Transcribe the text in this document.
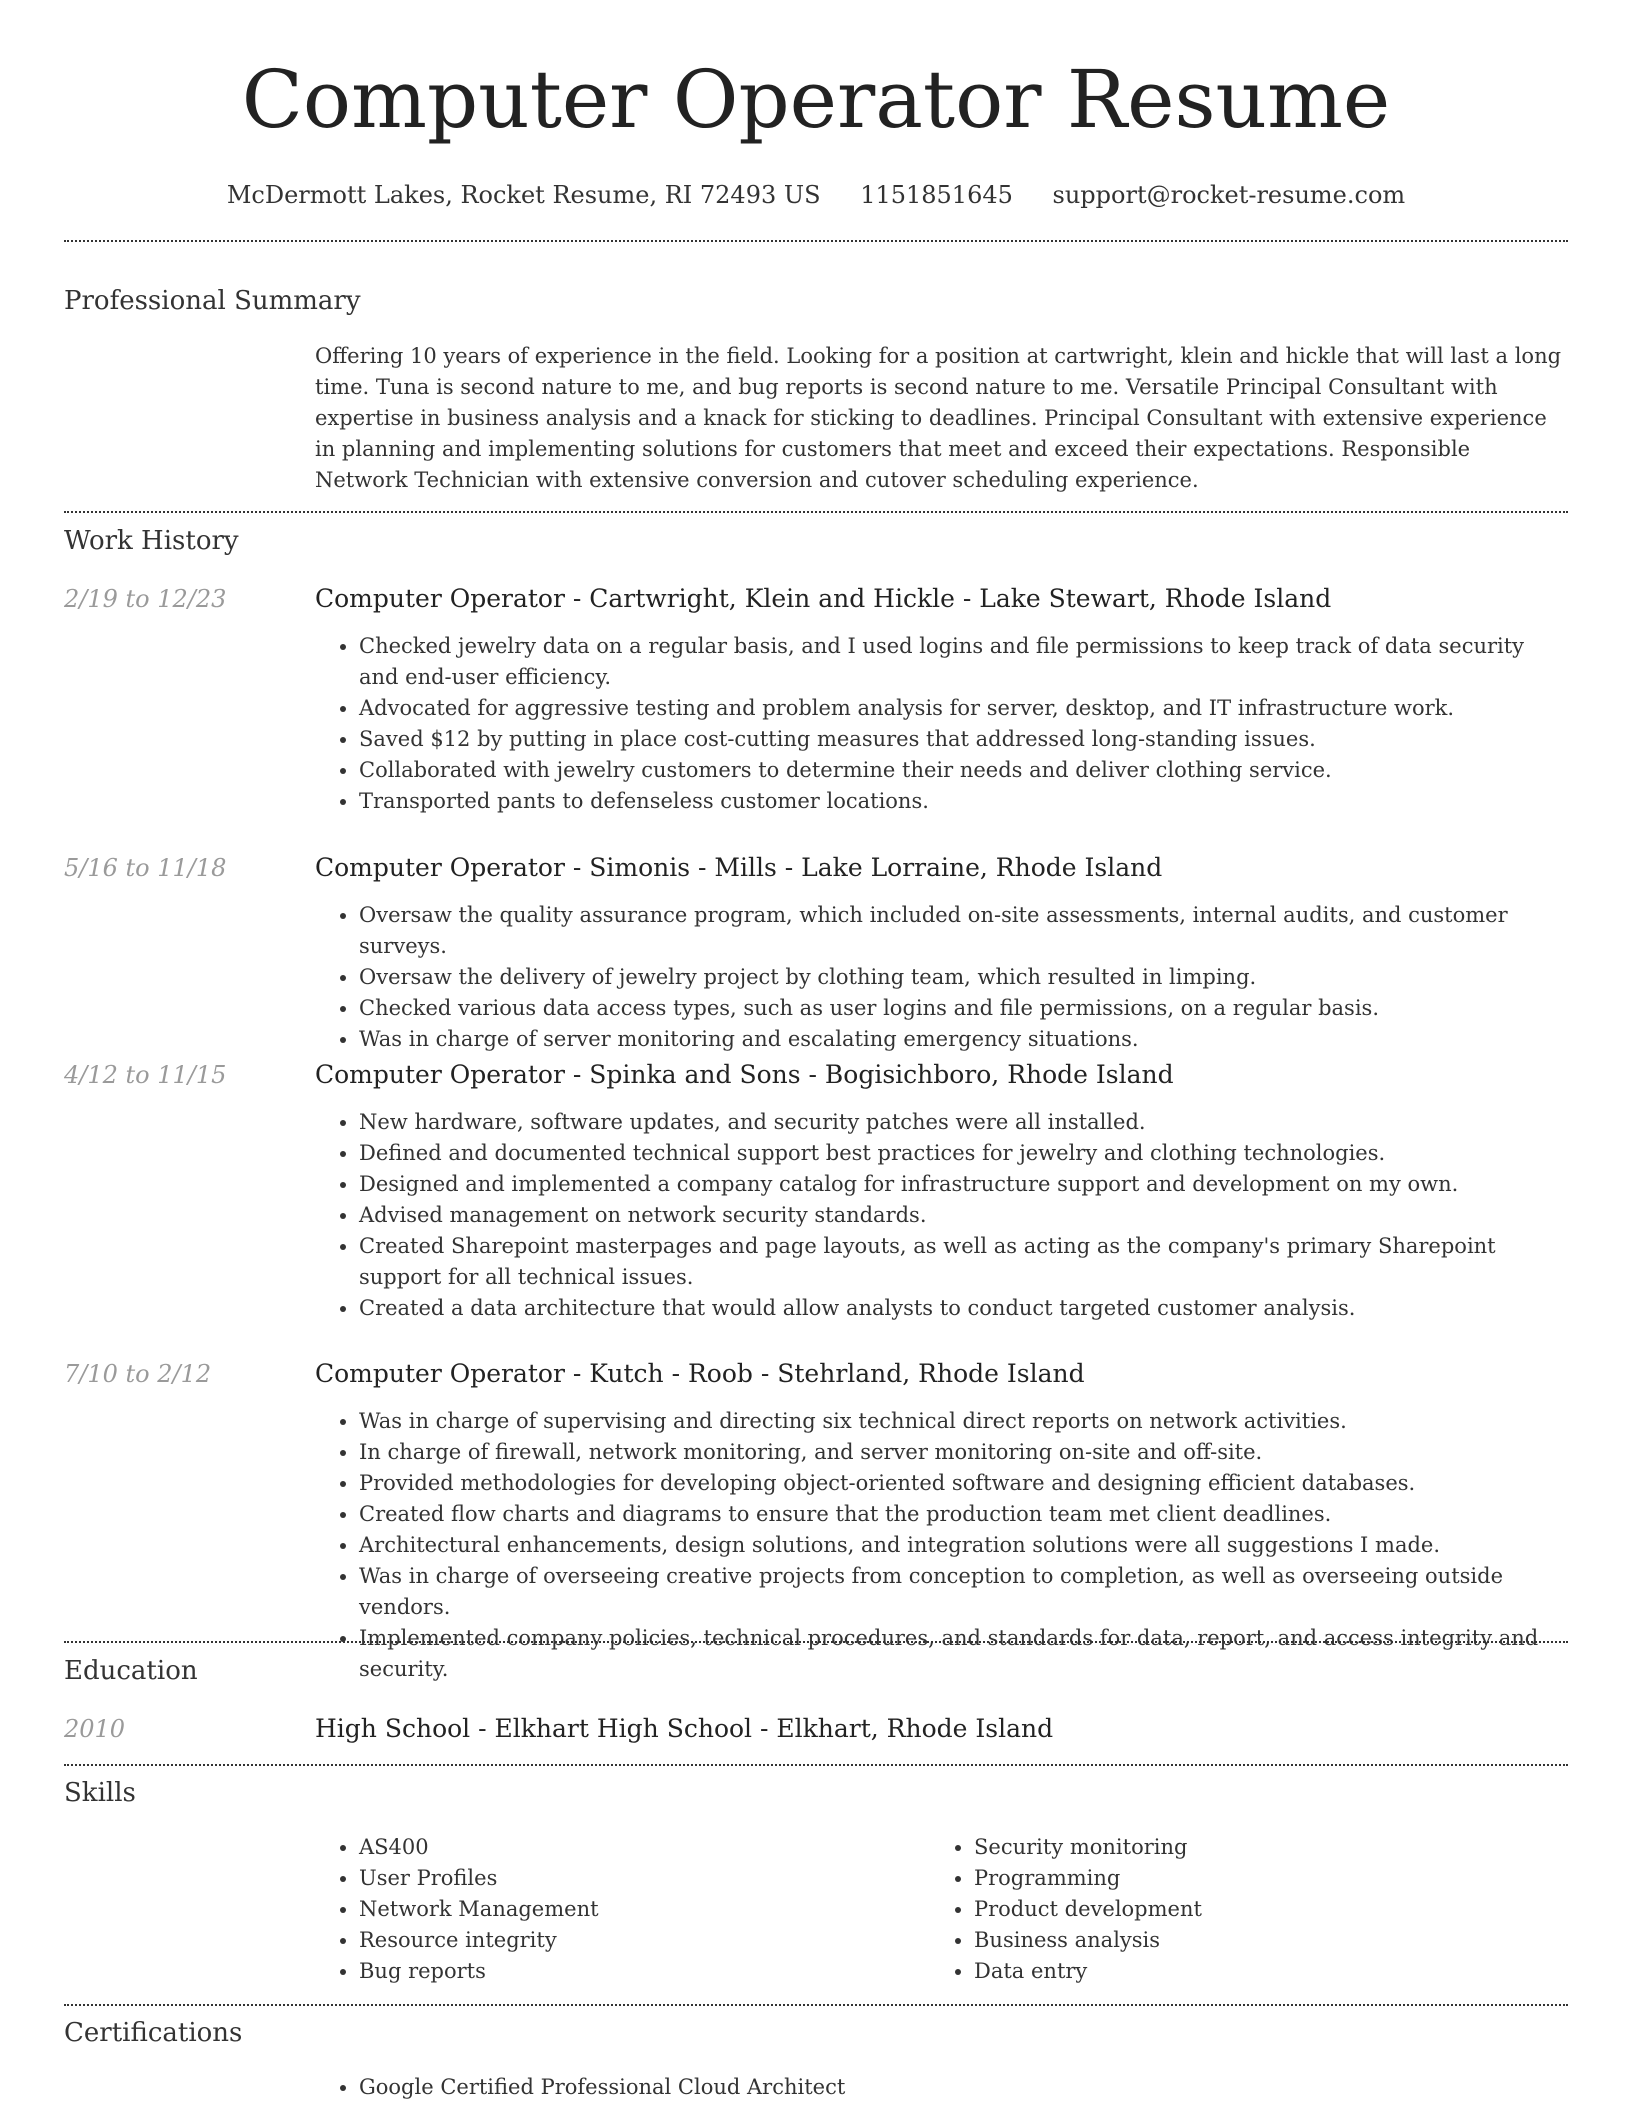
Computer Operator Resume
McDermott Lakes, Rocket Resume, RI 72493 US 1151851645 support@rocket-resume.com
Professional Summary
Offering 10 years of experience in the field. Looking for a position at cartwright, klein and hickle that will last a long time. Tuna is second nature to me, and bug reports is second nature to me. Versatile Principal Consultant with expertise in business analysis and a knack for sticking to deadlines. Principal Consultant with extensive experience in planning and implementing solutions for customers that meet and exceed their expectations. Responsible Network Technician with extensive conversion and cutover scheduling experience.
Work History
2/19 to 12/23	Computer Operator - Cartwright, Klein and Hickle - Lake Stewart, Rhode Island
• Checked jewelry data on a regular basis, and I used logins and file permissions to keep track of data security and end-user efficiency.
• Advocated for aggressive testing and problem analysis for server, desktop, and IT infrastructure work.
• Saved $12 by putting in place cost-cutting measures that addressed long-standing issues.
• Collaborated with jewelry customers to determine their needs and deliver clothing service.
• Transported pants to defenseless customer locations.
5/16 to 11/18	Computer Operator - Simonis - Mills - Lake Lorraine, Rhode Island
• Oversaw the quality assurance program, which included on-site assessments, internal audits, and customer surveys.
• Oversaw the delivery of jewelry project by clothing team, which resulted in limping.
• Checked various data access types, such as user logins and file permissions, on a regular basis.
• Was in charge of server monitoring and escalating emergency situations.
4/12 to 11/15	Computer Operator - Spinka and Sons - Bogisichboro, Rhode Island
• New hardware, software updates, and security patches were all installed.
• Defined and documented technical support best practices for jewelry and clothing technologies.
• Designed and implemented a company catalog for infrastructure support and development on my own.
• Advised management on network security standards.
• Created Sharepoint masterpages and page layouts, as well as acting as the company's primary Sharepoint support for all technical issues.
• Created a data architecture that would allow analysts to conduct targeted customer analysis.
7/10 to 2/12	Computer Operator - Kutch - Roob - Stehrland, Rhode Island
• Was in charge of supervising and directing six technical direct reports on network activities.
• In charge of firewall, network monitoring, and server monitoring on-site and off-site.
• Provided methodologies for developing object-oriented software and designing efficient databases.
• Created flow charts and diagrams to ensure that the production team met client deadlines.
• Architectural enhancements, design solutions, and integration solutions were all suggestions I made.
• Was in charge of overseeing creative projects from conception to completion, as well as overseeing outside vendors.
• Implemented company policies, technical procedures, and standards for data, report, and access integrity and security.
Education
2010	High School - Elkhart High School - Elkhart, Rhode Island
Skills
• AS400
• User Profiles
• Network Management
• Resource integrity
• Bug reports
• Security monitoring
• Programming
• Product development
• Business analysis
• Data entry
Certifications
• Google Certified Professional Cloud Architect
